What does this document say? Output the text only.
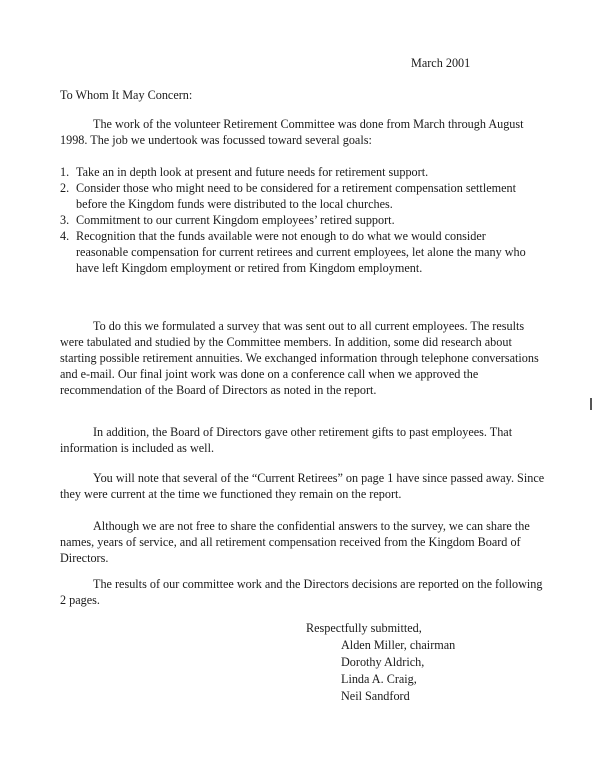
March 2001
To Whom It May Concern:

The work of the volunteer Retirement Committee was done from March through August 1998. The job we undertook was focussed toward several goals:

1. Take an in depth look at present and future needs for retirement support.
2. Consider those who might need to be considered for a retirement compensation settlement before the Kingdom funds were distributed to the local churches.
3. Commitment to our current Kingdom employees’ retired support.
4. Recognition that the funds available were not enough to do what we would consider reasonable compensation for current retirees and current employees, let alone the many who have left Kingdom employment or retired from Kingdom employment.

To do this we formulated a survey that was sent out to all current employees. The results were tabulated and studied by the Committee members. In addition, some did research about starting possible retirement annuities. We exchanged information through telephone conversations and e-mail. Our final joint work was done on a conference call when we approved the recommendation of the Board of Directors as noted in the report.

In addition, the Board of Directors gave other retirement gifts to past employees. That information is included as well.

You will note that several of the “Current Retirees” on page 1 have since passed away. Since they were current at the time we functioned they remain on the report.

Although we are not free to share the confidential answers to the survey, we can share the names, years of service, and all retirement compensation received from the Kingdom Board of Directors.

The results of our committee work and the Directors decisions are reported on the following 2 pages.

Respectfully submitted,
Alden Miller, chairman
Dorothy Aldrich,
Linda A. Craig,
Neil Sandford
